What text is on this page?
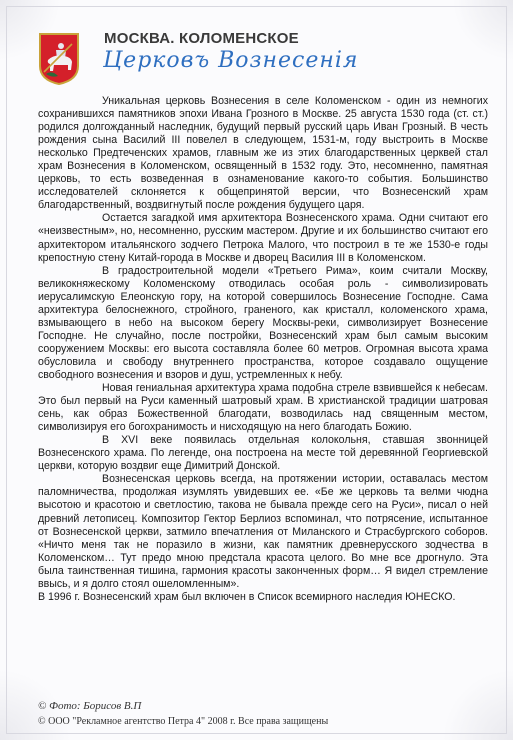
МОСКВА. КОЛОМЕНСКОЕ
Церковъ Вознесенія

Уникальная церковь Вознесения в селе Коломенском - один из немногих сохранившихся памятников эпохи Ивана Грозного в Москве. 25 августа 1530 года (ст. ст.) родился долгожданный наследник, будущий первый русский царь Иван Грозный. В честь рождения сына Василий III повелел в следующем, 1531-м, году выстроить в Москве несколько Предтеченских храмов, главным же из этих благодарственных церквей стал храм Вознесения в Коломенском, освященный в 1532 году. Это, несомненно, памятная церковь, то есть возведенная в ознаменование какого-то события. Большинство исследователей склоняется к общепринятой версии, что Вознесенский храм благодарственный, воздвигнутый после рождения будущего царя.

Остается загадкой имя архитектора Вознесенского храма. Одни считают его «неизвестным», но, несомненно, русским мастером. Другие и их большинство считают его архитектором итальянского зодчего Петрока Малого, что построил в те же 1530-е годы крепостную стену Китай-города в Москве и дворец Василия III в Коломенском.

В градостроительной модели «Третьего Рима», коим считали Москву, великокняжескому Коломенскому отводилась особая роль - символизировать иерусалимскую Елеонскую гору, на которой совершилось Вознесение Господне. Сама архитектура белоснежного, стройного, граненого, как кристалл, коломенского храма, взмывающего в небо на высоком берегу Москвы-реки, символизирует Вознесение Господне. Не случайно, после постройки, Вознесенский храм был самым высоким сооружением Москвы: его высота составляла более 60 метров. Огромная высота храма обусловила и свободу внутреннего пространства, которое создавало ощущение свободного вознесения и взоров и душ, устремленных к небу.

Новая гениальная архитектура храма подобна стреле взвившейся к небесам. Это был первый на Руси каменный шатровый храм. В христианской традиции шатровая сень, как образ Божественной благодати, возводилась над священным местом, символизируя его богохранимость и нисходящую на него благодать Божию.

В XVI веке появилась отдельная колокольня, ставшая звонницей Вознесенского храма. По легенде, она построена на месте той деревянной Георгиевской церкви, которую воздвиг еще Димитрий Донской.

Вознесенская церковь всегда, на протяжении истории, оставалась местом паломничества, продолжая изумлять увидевших ее. «Бе же церковь та велми чюдна высотою и красотою и светлостию, такова не бывала прежде сего на Руси», писал о ней древний летописец. Композитор Гектор Берлиоз вспоминал, что потрясение, испытанное от Вознесенской церкви, затмило впечатления от Миланского и Страсбургского соборов. «Ничто меня так не поразило в жизни, как памятник древнерусского зодчества в Коломенском… Тут предо мною предстала красота целого. Во мне все дрогнуло. Эта была таинственная тишина, гармония красоты законченных форм… Я видел стремление ввысь, и я долго стоял ошеломленным».

В 1996 г. Вознесенский храм был включен в Список всемирного наследия ЮНЕСКО.

© Фото: Борисов В.П
© ООО "Рекламное агентство Петра 4" 2008 г. Все права защищены
